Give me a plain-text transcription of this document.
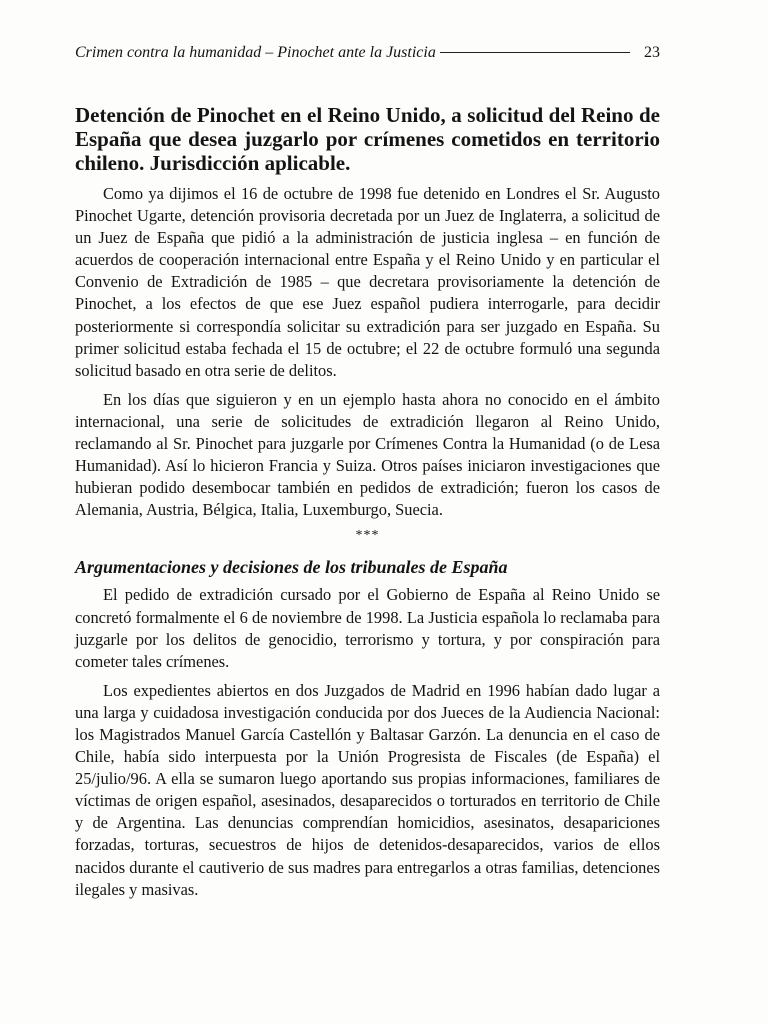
Crimen contra la humanidad – Pinochet ante la Justicia	23
Detención de Pinochet en el Reino Unido, a solicitud del Reino de España que desea juzgarlo por crímenes cometidos en territorio chileno. Jurisdicción aplicable.

Como ya dijimos el 16 de octubre de 1998 fue detenido en Londres el Sr. Augusto Pinochet Ugarte, detención provisoria decretada por un Juez de Inglaterra, a solicitud de un Juez de España que pidió a la administración de justicia inglesa – en función de acuerdos de cooperación internacional entre España y el Reino Unido y en particular el Convenio de Extradición de 1985 – que decretara provisoriamente la detención de Pinochet, a los efectos de que ese Juez español pudiera interrogarle, para decidir posteriormente si correspondía solicitar su extradición para ser juzgado en España. Su primer solicitud estaba fechada el 15 de octubre; el 22 de octubre formuló una segunda solicitud basado en otra serie de delitos.

En los días que siguieron y en un ejemplo hasta ahora no conocido en el ámbito internacional, una serie de solicitudes de extradición llegaron al Reino Unido, reclamando al Sr. Pinochet para juzgarle por Crímenes Contra la Humanidad (o de Lesa Humanidad). Así lo hicieron Francia y Suiza. Otros países iniciaron investigaciones que hubieran podido desembocar también en pedidos de extradición; fueron los casos de Alemania, Austria, Bélgica, Italia, Luxemburgo, Suecia.

***
Argumentaciones y decisiones de los tribunales de España

El pedido de extradición cursado por el Gobierno de España al Reino Unido se concretó formalmente el 6 de noviembre de 1998. La Justicia española lo reclamaba para juzgarle por los delitos de genocidio, terrorismo y tortura, y por conspiración para cometer tales crímenes.

Los expedientes abiertos en dos Juzgados de Madrid en 1996 habían dado lugar a una larga y cuidadosa investigación conducida por dos Jueces de la Audiencia Nacional: los Magistrados Manuel García Castellón y Baltasar Garzón. La denuncia en el caso de Chile, había sido interpuesta por la Unión Progresista de Fiscales (de España) el 25/julio/96. A ella se sumaron luego aportando sus propias informaciones, familiares de víctimas de origen español, asesinados, desaparecidos o torturados en territorio de Chile y de Argentina. Las denuncias comprendían homicidios, asesinatos, desapariciones forzadas, torturas, secuestros de hijos de detenidos-desaparecidos, varios de ellos nacidos durante el cautiverio de sus madres para entregarlos a otras familias, detenciones ilegales y masivas.
